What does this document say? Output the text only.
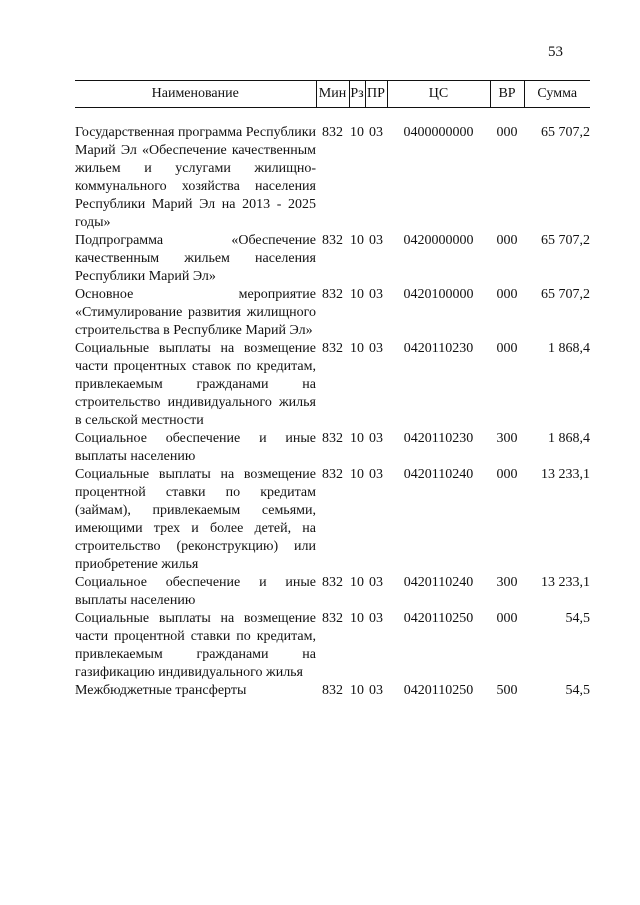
53
Наименование	Мин	Рз	ПР	ЦС	ВР	Сумма

Государственная программа Республики Марий Эл «Обеспечение качественным жильем и услугами жилищно-коммунального хозяйства населения Республики Марий Эл на 2013 - 2025 годы»	832	10	03	0400000000	000	65 707,2
Подпрограмма «Обеспечение качественным жильем населения Республики Марий Эл»	832	10	03	0420000000	000	65 707,2
Основное мероприятие «Стимулирование развития жилищного строительства в Республике Марий Эл»	832	10	03	0420100000	000	65 707,2
Социальные выплаты на возмещение части процентных ставок по кредитам, привлекаемым гражданами на строительство индивидуального жилья в сельской местности	832	10	03	0420110230	000	1 868,4
Социальное обеспечение и иные выплаты населению	832	10	03	0420110230	300	1 868,4
Социальные выплаты на возмещение процентной ставки по кредитам (займам), привлекаемым семьями, имеющими трех и более детей, на строительство (реконструкцию) или приобретение жилья	832	10	03	0420110240	000	13 233,1
Социальное обеспечение и иные выплаты населению	832	10	03	0420110240	300	13 233,1
Социальные выплаты на возмещение части процентной ставки по кредитам, привлекаемым гражданами на газификацию индивидуального жилья	832	10	03	0420110250	000	54,5
Межбюджетные трансферты	832	10	03	0420110250	500	54,5
